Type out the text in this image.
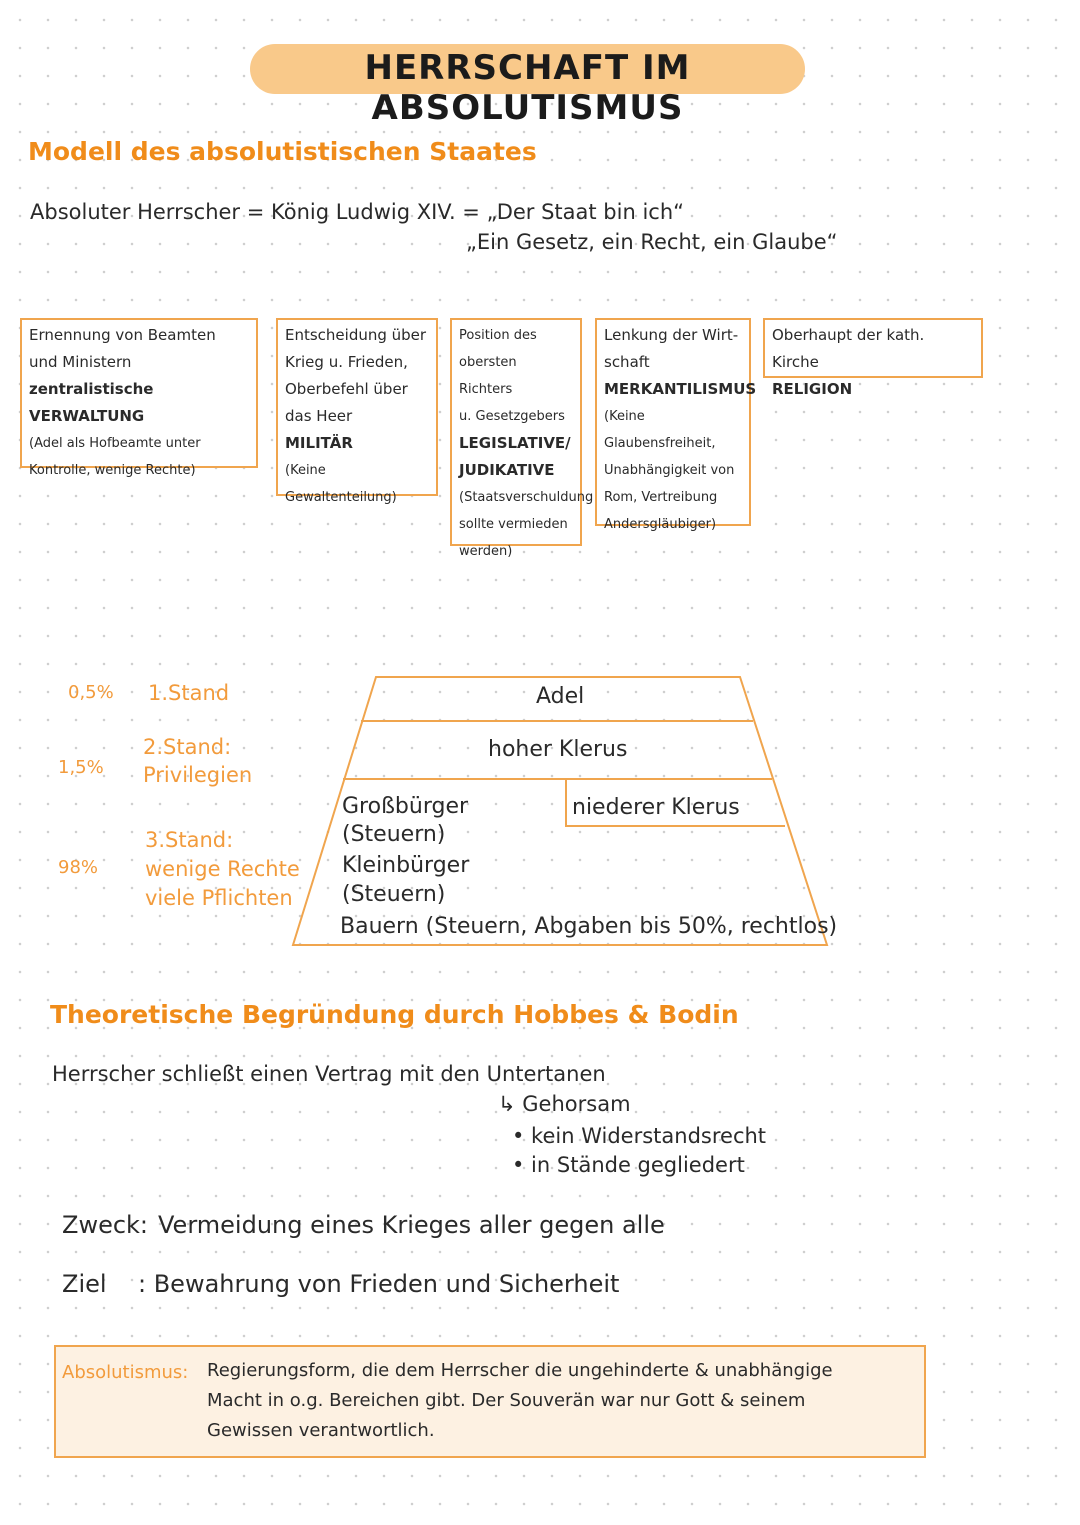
HERRSCHAFT IM ABSOLUTISMUS
Modell des absolutistischen Staates
Absoluter Herrscher = König Ludwig XIV. = „Der Staat bin ich“
„Ein Gesetz, ein Recht, ein Glaube“
Ernennung von Beamten
und Ministern
zentralistische VERWALTUNG
(Adel als Hofbeamte unter
Kontrolle, wenige Rechte)
Entscheidung über
Krieg u. Frieden,
Oberbefehl über
das Heer
MILITÄR
(Keine Gewaltenteilung)
Position des
obersten Richters
u. Gesetzgebers
LEGISLATIVE/
JUDIKATIVE
(Staatsverschuldung
sollte vermieden
werden)
Lenkung der Wirt-
schaft
MERKANTILISMUS
(Keine Glaubensfreiheit,
Unabhängigkeit von
Rom, Vertreibung
Andersgläubiger)
Oberhaupt der kath. Kirche
RELIGION
0,5% 1.Stand
1,5%
2.Stand:
Privilegien
98%
3.Stand:
wenige Rechte
viele Pflichten
Adel
hoher Klerus
niederer Klerus
Großbürger
(Steuern)
Kleinbürger
(Steuern)
Bauern (Steuern, Abgaben bis 50%, rechtlos)
Theoretische Begründung durch Hobbes & Bodin
Herrscher schließt einen Vertrag mit den Untertanen
↳ Gehorsam
• kein Widerstandsrecht
• in Stände gegliedert
Zweck: Vermeidung eines Krieges aller gegen alle
Ziel : Bewahrung von Frieden und Sicherheit
Absolutismus: Regierungsform, die dem Herrscher die ungehinderte & unabhängige
Macht in o.g. Bereichen gibt. Der Souverän war nur Gott & seinem
Gewissen verantwortlich.
